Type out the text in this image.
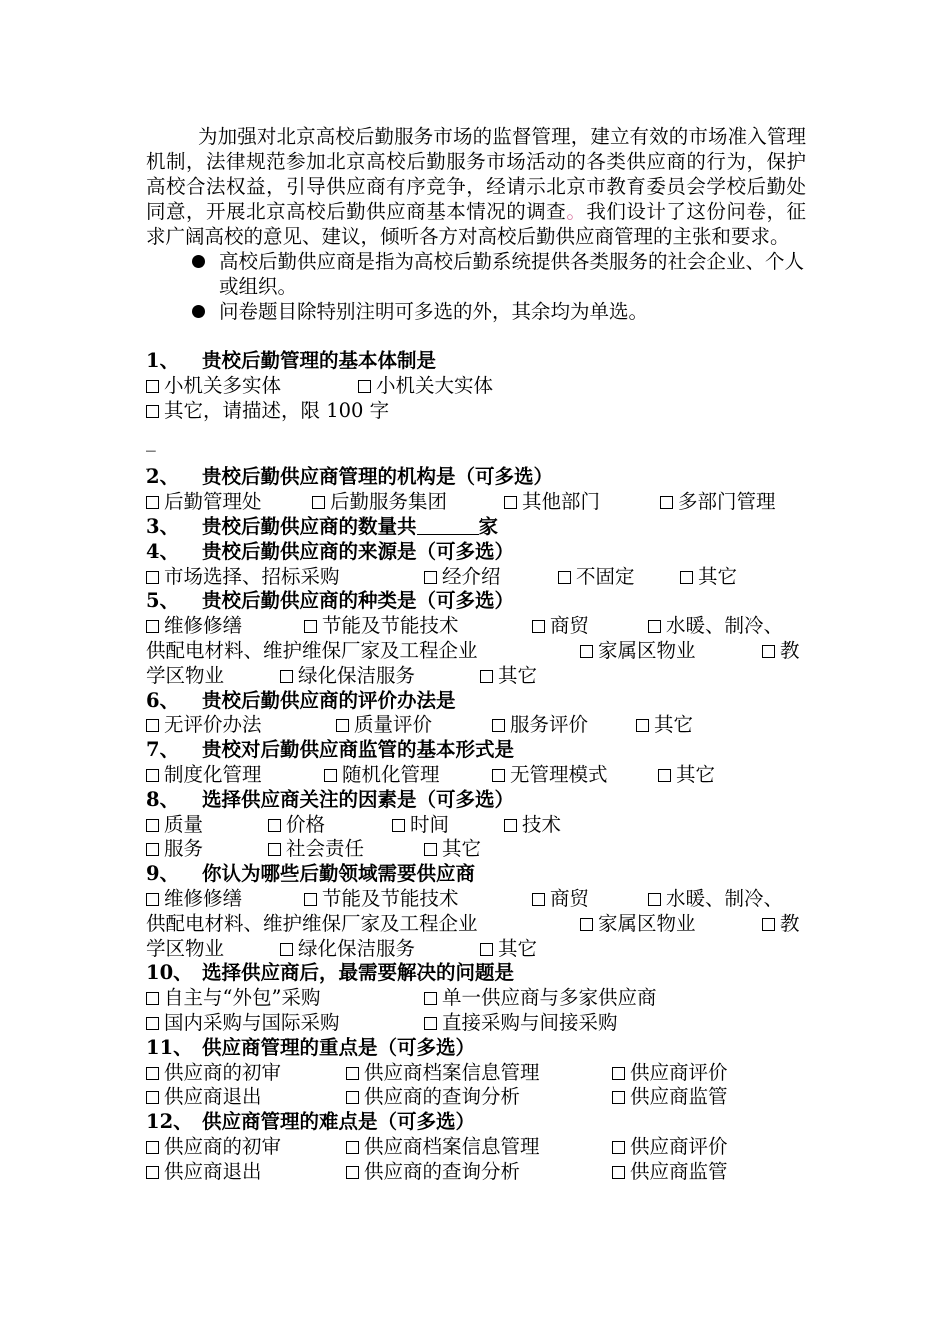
为加强对北京高校后勤服务市场的监督管理，建立有效的市场准入管理机制，法律规范参加北京高校后勤服务市场活动的各类供应商的行为，保护高校合法权益，引导供应商有序竞争，经请示北京市教育委员会学校后勤处同意，开展北京高校后勤供应商基本情况的调查。我们设计了这份问卷，征求广阔高校的意见、建议，倾听各方对高校后勤供应商管理的主张和要求。

高校后勤供应商是指为高校后勤系统提供各类服务的社会企业、个人或组织。
问卷题目除特别注明可多选的外，其余均为单选。

1、 贵校后勤管理的基本体制是

小机关多实体	小机关大实体

其它，请描述，限 100 字

_

_

2、 贵校后勤供应商管理的机构是（可多选）

后勤管理处	后勤服务集团	其他部门	多部门管理

3、 贵校后勤供应商的数量共	家

4、 贵校后勤供应商的来源是（可多选）

市场选择、招标采购	经介绍	不固定	其它

5、 贵校后勤供应商的种类是（可多选）

维修修缮	节能及节能技术	商贸	水暖、制冷、

供配电材料、维护维保厂家及工程企业	家属区物业	教

学区物业	绿化保洁服务	其它

6、 贵校后勤供应商的评价办法是

无评价办法	质量评价	服务评价	其它

7、 贵校对后勤供应商监管的基本形式是

制度化管理	随机化管理	无管理模式	其它

8、 选择供应商关注的因素是（可多选）

质量	价格	时间	技术

服务	社会责任	其它

9、 你认为哪些后勤领域需要供应商

维修修缮	节能及节能技术	商贸	水暖、制冷、

供配电材料、维护维保厂家及工程企业	家属区物业	教

学区物业	绿化保洁服务	其它

10、 选择供应商后，最需要解决的问题是

自主与“外包”采购	单一供应商与多家供应商

国内采购与国际采购	直接采购与间接采购

11、 供应商管理的重点是（可多选）

供应商的初审	供应商档案信息管理	供应商评价

供应商退出	供应商的查询分析	供应商监管

12、 供应商管理的难点是（可多选）

供应商的初审	供应商档案信息管理	供应商评价

供应商退出	供应商的查询分析	供应商监管
